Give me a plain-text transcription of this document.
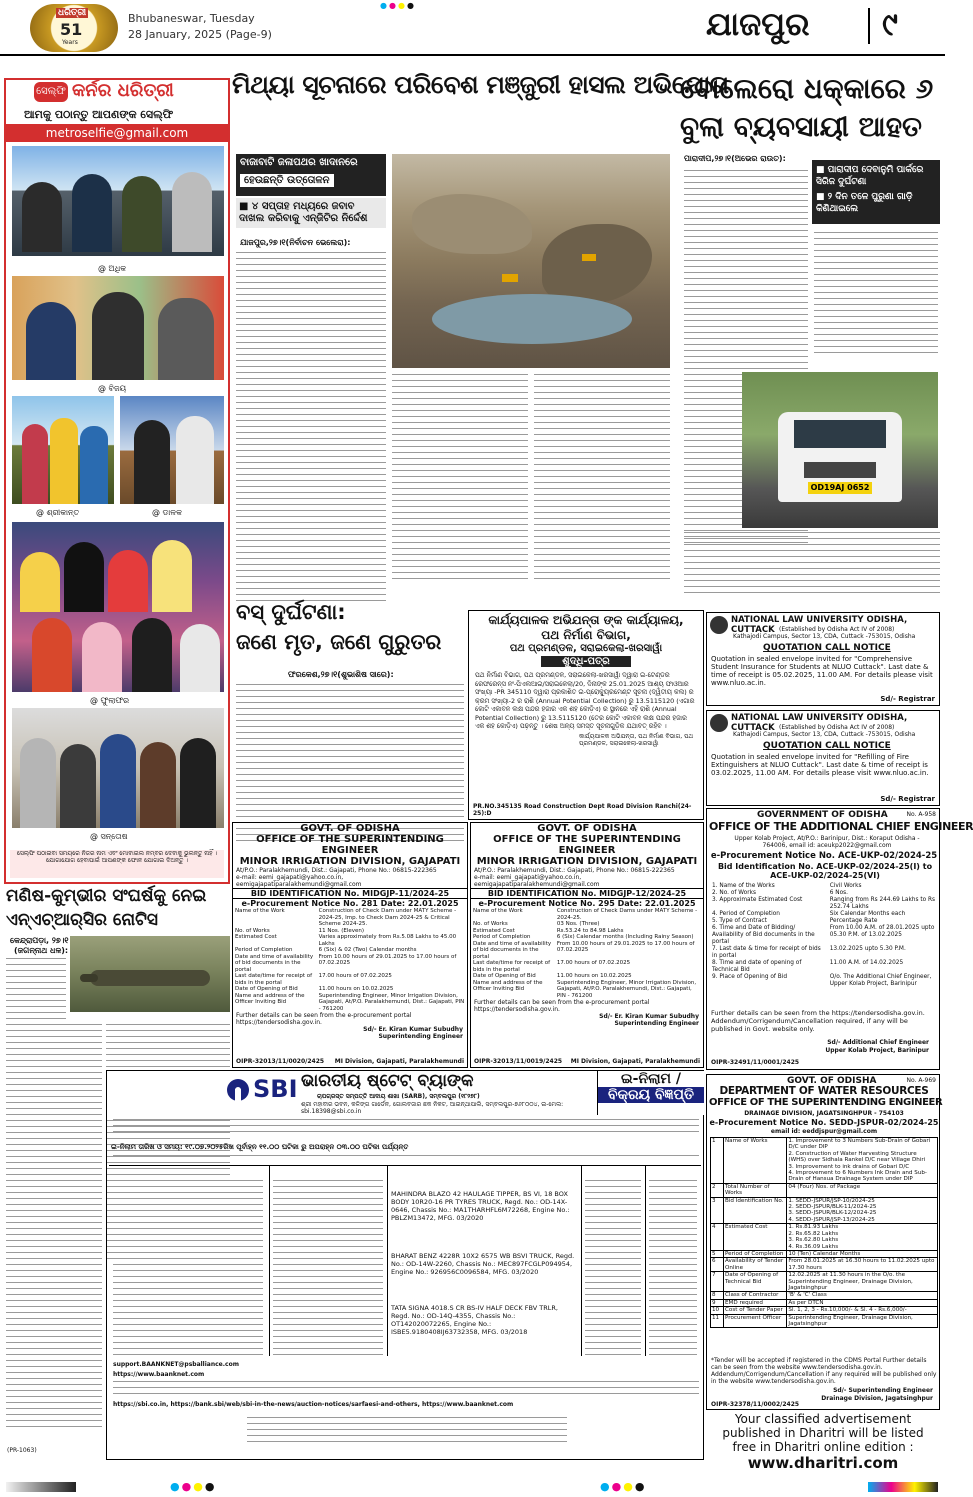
ଧରିତ୍ରୀ
51
Years
Bhubaneswar, Tuesday
28 January, 2025 (Page-9)	ଯାଜପୁର ୯
●●●●
ସେଲ୍ଫି କର୍ନର ଧରିତ୍ରୀ
ଆମକୁ ପଠାନ୍ତୁ ଆପଣଙ୍କ ସେଲ୍ଫି
metroselfie@gmail.com
@ ଅଧିକ
@ ବିଜୟ
@ ଶ୍ରୀକାନ୍ତ	@ ଡାଳକ
@ ଫୁଲାଫର
@ ସନ୍ତୋଷ
ସେଲ୍ଫି ପଠାଇବା ସମୟରେ ନିଜର ନାମ ଏବଂ ମୋବାଇଲ ନମ୍ବର ଦେବାକୁ ଭୁଲନ୍ତୁ ନାହିଁ । ଯୋଗାଯୋଗ ହେବାପାଇଁ ଆପଣଙ୍କ ଫୋନ ଯୋଗାଇ ଦିଅନ୍ତୁ ।
ମିଥ୍ୟା ସୂଚନାରେ ପରିବେଶ ମଞ୍ଜୁରୀ ହାସଲ ଅଭିଯୋଗ
ବାଜାବାଟି ଜଳାପଥର ଖାଦାନରେ
ହେଉଛନ୍ତି ଉତ୍ତୋଳନ
■ ୪ ସପ୍ତାହ ମଧ୍ୟରେ ଜବାବ ଦାଖଲ କରିବାକୁ ଏନ୍‌ଜିଟିର ନିର୍ଦ୍ଦେଶ
ଯାଜପୁର,୨୭।୧(ନିର୍ବାଚନ ଭେଲେରା):
ବୋଲେରୋ ଧକ୍କାରେ ୬
ବୁଲା ବ୍ୟବସାୟୀ ଆହତ
ପାରାଦୀପ,୨୭।୧(ଅଭେର ରାଉତ):
■ ପାରାଦୀପ ଦେବାନୁମି ପାର୍କରେ ସିରିଜ ଦୁର୍ଘଟଣା
■ ୨ ଦିନ ତଳେ ପୁରୁଣା ଗାଡ଼ି କିଣିଥାଇଲେ
OD19AJ 0652
ବସ୍ ଦୁର୍ଘଟଣା:
ଜଣେ ମୃତ, ଜଣେ ଗୁରୁତର
ଫରକେଶ,୨୭।୧(ଶୁଭାଶିଷ ସାରେ):
କାର୍ଯ୍ୟପାଳକ ଅଭିଯନ୍ତା ଙ୍କ କାର୍ଯ୍ୟାଳୟ,
ପଥ ନିର୍ମାଣ ବିଭାଗ,
ପଥ ପ୍ରମଣ୍ଡଳ, ସରାଇକେଲା-ଖରସାୱାଁ
ଶୁଦ୍ଧି-ପତ୍ର
ପଥ ନିର୍ମାଣ ବିଭାଗ, ପଥ ପ୍ରମଣ୍ଡଳ, ସରାଇକେଲା-ଖରସାୱାଁ ଦ୍ୱାରା ଇ-ଟେଣ୍ଡର ରେଫରେନ୍ସ ନଂ-ପିଏଲଆଇ/ସରାଇକେଲା/20, ଦିନାଙ୍କ 25.01.2025 ଆଶ୍ୟ ଫାଓଆର ସଂଖ୍ୟା -PR 345110 ଦ୍ୱାରା ପ୍ରକାଶିତ ଇ-ପ୍ରୋକ୍ୟୁରମେଣ୍ଟ ସୂଚନା (ଦ୍ୱିତୀୟ କଲ) ର କ୍ରମ ସଂଖ୍ୟା-2 ର ରାଶି (Annual Potential Collection) ରୁ 13.5115120 (ଏଗାର କୋଟି ଏକାବନ ଲକ୍ଷ ପନ୍ଦର ହଜାର ଏକ ଶହ କୋଡ଼ିଏ) ର ସ୍ଥାନରେ ଏହି ରାଶି (Annual Potential Collection) ରୁ 13.5115120 (ତେର କୋଟି ଏକାବନ ଲକ୍ଷ ପନ୍ଦର ହଜାର ଏକ ଶହ କୋଡ଼ିଏ) ପଢ଼ନ୍ତୁ । ଶେଷ ଅନ୍ୟ ସମସ୍ତ ସୂଚନାଗୁଡ଼ିକ ଯଥାବତ୍ ରହିବ ।
କାର୍ଯ୍ୟପାଳକ ଅଭିଯନ୍ତା, ପଥ ନିର୍ମାଣ ବିଭାଗ, ପଥ ପ୍ରମଣ୍ଡଳ, ସରାଇକେଲା-ଖରସାୱାଁ
PR.NO.345135 Road Construction Dept Road Division Ranchi(24-25):D
NATIONAL LAW UNIVERSITY ODISHA, CUTTACK (Established by Odisha Act IV of 2008)
Kathajodi Campus, Sector 13, CDA, Cuttack -753015, Odisha
QUOTATION CALL NOTICE
Quotation in sealed envelope invited for "Comprehensive Student Insurance for Students at NLUO Cuttack". Last date & time of receipt is 05.02.2025, 11.00 AM. For details please visit www.nluo.ac.in.
Sd/- Registrar
NATIONAL LAW UNIVERSITY ODISHA, CUTTACK (Established by Odisha Act IV of 2008)
Kathajodi Campus, Sector 13, CDA, Cuttack -753015, Odisha
QUOTATION CALL NOTICE
Quotation in sealed envelope invited for "Refilling of Fire Extinguishers at NLUO Cuttack". Last date & time of receipt is 03.02.2025, 11.00 AM. For details please visit www.nluo.ac.in.
Sd/- Registrar
GOVT. OF ODISHA
OFFICE OF THE SUPERINTENDING ENGINEER
MINOR IRRIGATION DIVISION, GAJAPATI
At/P.O.: Paralakhemundi, Dist.: Gajapati, Phone No.: 06815-222365
e-mail: eemi_gajapati@yahoo.co.in, eemigajapatiparalakhemundi@gmail.com
BID IDENTIFICATION No. MIDGJP-11/2024-25
e-Procurement Notice No. 281 Date: 22.01.2025
Name of the Work	Construction of Check Dam under MATY Scheme - 2024-25, Imp. to Check Dam 2024-25 & Critical Scheme 2024-25.
No. of Works	11 Nos. (Eleven)
Estimated Cost	Varies approximately from Rs.5.08 Lakhs to 45.00 Lakhs
Period of Completion	6 (Six) & 02 (Two) Calendar months
Date and time of availability of bid documents in the portal	From 10.00 hours of 29.01.2025 to 17.00 hours of 07.02.2025
Last date/time for receipt of bids in the portal	17.00 hours of 07.02.2025
Date of Opening of Bid	11.00 hours on 10.02.2025
Name and address of the Officer Inviting Bid	Superintending Engineer, Minor Irrigation Division, Gajapati, At/P.O. Paralakhemundi, Dist.: Gajapati, PIN - 761200
Further details can be seen from the e-procurement portal https://tendersodisha.gov.in.
Sd/- Er. Kiran Kumar Subudhy
Superintending Engineer
OIPR-32013/11/0020/2425 MI Division, Gajapati, Paralakhemundi
GOVT. OF ODISHA
OFFICE OF THE SUPERINTENDING ENGINEER
MINOR IRRIGATION DIVISION, GAJAPATI
At/P.O.: Paralakhemundi, Dist.: Gajapati, Phone No.: 06815-222365
e-mail: eemi_gajapati@yahoo.co.in, eemigajapatiparalakhemundi@gmail.com
BID IDENTIFICATION No. MIDGJP-12/2024-25
e-Procurement Notice No. 295 Date: 22.01.2025
Name of the Work	Construction of Check Dams under MATY Scheme - 2024-25.
No. of Works	03 Nos. (Three)
Estimated Cost	Rs.53.24 to 84.98 Lakhs
Period of Completion	6 (Six) Calendar months (Including Rainy Season)
Date and time of availability of bid documents in the portal	From 10.00 hours of 29.01.2025 to 17.00 hours of 07.02.2025
Last date/time for receipt of bids in the portal	17.00 hours of 07.02.2025
Date of Opening of Bid	11.00 hours on 10.02.2025
Name and address of the Officer Inviting Bid	Superintending Engineer, Minor Irrigation Division, Gajapati, At/P.O. Paralakhemundi, Dist.: Gajapati, PIN - 761200
Further details can be seen from the e-procurement portal https://tendersodisha.gov.in.
Sd/- Er. Kiran Kumar Subudhy
Superintending Engineer
OIPR-32013/11/0019/2425 MI Division, Gajapati, Paralakhemundi
GOVERNMENT OF ODISHA	No. A-958
OFFICE OF THE ADDITIONAL CHIEF ENGINEER
Upper Kolab Project, At/P.O.: Barinipur, Dist.: Koraput Odisha - 764006, email id: aceukp2022@gmail.com
e-Procurement Notice No. ACE-UKP-02/2024-25
Bid Identification No. ACE-UKP-02/2024-25(I) to ACE-UKP-02/2024-25(VI)
1. Name of the Works	Civil Works
2. No. of Works	6 Nos.
3. Approximate Estimated Cost	Ranging from Rs 244.69 Lakhs to Rs 252.74 Lakhs
4. Period of Completion	Six Calendar Months each
5. Type of Contract	Percentage Rate
6. Time and Date of Bidding/ Availability of Bid documents in the portal	From 10.00 A.M. of 28.01.2025 upto 05.30 P.M. of 13.02.2025
7. Last date & time for receipt of bids in portal	13.02.2025 upto 5.30 P.M.
8. Time and date of opening of Technical Bid	11.00 A.M. of 14.02.2025
9. Place of Opening of Bid	O/o. The Additional Chief Engineer, Upper Kolab Project, Barinipur
Further details can be seen from the https://tendersodisha.gov.in. Addendum/Corrigendum/Cancellation required, if any will be published in Govt. website only.
Sd/- Additional Chief Engineer
Upper Kolab Project, Barinipur
OIPR-32491/11/0001/2425
ମଣିଷ-କୁମ୍ଭୀର ସଂଘର୍ଷକୁ ନେଇ
ଏନ୍‌ଏଚ୍‌ଆର୍‌ସିର ନୋଟିସ
କେନ୍ଦ୍ରାପଡ଼ା, ୨୭।୧
(ଜଗନ୍ନାଥ ଧଳ):
SBI ଭାରତୀୟ ଷ୍ଟେଟ୍ ବ୍ୟାଙ୍କ
ଚାପଗ୍ରସ୍ତ ସମ୍ପତ୍ତି ଆଦାୟ ଶାଖା (SARB), ସମ୍ବଲପୁର (୧୮୨୭୮)
ଶ୍ରୀ ମହାବୀର ଭବନ, କଳିଙ୍ଗ ଗାର୍ଡେନ, ଗୋଲବଜାର ଛକ ନିକଟ, ଆଇନ୍‌ଥାପାଲି, ସମ୍ବଲପୁର-୭୬୮୦୦୪, ଇ-ମେଲ: sbi.18398@sbi.co.in
ଇ-ନିଲାମ /
ବିକ୍ରୟ ବିଜ୍ଞପ୍ତି
ଇ-ନିଲାମ ତାରିଖ ଓ ସମୟ: ୧୯.୦୭.୨୦୨୫ରିଖ ପୂର୍ବାହ୍ନ ୧୧.୦୦ ଘଟିକା ରୁ ଅପରାହ୍ନ ୦୩.୦୦ ଘଟିକା ପର୍ଯ୍ୟନ୍ତ
MAHINDRA BLAZO 42 HAULAGE TIPPER, BS VI, 18 BOX BODY 10R20-16 PR TYRES TRUCK, Regd. No.: OD-14X-0646, Chassis No.: MA1THARHFL6M72268, Engine No.: PBLZM13472, MFG. 03/2020
BHARAT BENZ 4228R 10X2 6575 WB BSVI TRUCK, Regd. No.: OD-14W-2260, Chassis No.: MEC897FCGLP094954, Engine No.: 926956C0096584, MFG. 03/2020
TATA SIGNA 4018.S CR BS-IV HALF DECK FBV TRLR, Regd. No.: OD-14Q-4355, Chassis No.: OT142020072265, Engine No.: ISBE5.9180408IJ63732358, MFG. 03/2018
support.BAANKNET@psballiance.com
https://www.baanknet.com
https://sbi.co.in, https://bank.sbi/web/sbi-in-the-news/auction-notices/sarfaesi-and-others, https://www.baanknet.com
(PR-1063)
GOVT. OF ODISHA	No. A-969
DEPARTMENT OF WATER RESOURCES
OFFICE OF THE SUPERINTENDING ENGINEER
DRAINAGE DIVISION, JAGATSINGHPUR - 754103
e-Procurement Notice No. SEDD-JSPUR-02/2024-25
email id: eeddjspur@gmail.com
1	Name of Works	1. Improvement to 3 Numbers Sub-Drain of Gobari D/C under DIP
2. Construction of Water Harvesting Structure (WHS) over Sidhala Rankel D/C near Village Dhiri
3. Improvement to ink drains of Gobari D/C
4. Improvement to 6 Numbers Ink Drain and Sub-Drain of Hansua Drainage System under DIP
2	Total Number of Works	04 (Four) Nos. of Package
3	Bid Identification No.	1. SEDD-JSPUR/JSP-10/2024-25
2. SEDD-JSPUR/BLK-11/2024-25
3. SEDD-JSPUR/BLK-12/2024-25
4. SEDD-JSPUR/JSP-13/2024-25
4	Estimated Cost	1. Rs.81.93 Lakhs
2. Rs.65.82 Lakhs
3. Rs.62.80 Lakhs
4. Rs.36.09 Lakhs
5	Period of Completion	10 (Ten) Calendar Months
6	Availability of Tender Online	From 28.01.2025 at 16.30 hours to 11.02.2025 upto 17.30 hours
7	Date of Opening of Technical Bid	12.02.2025 at 11.30 hours in the O/o. the Superintending Engineer, Drainage Division, Jagatsinghpur
8	Class of Contractor	'B' & 'C' Class
9	EMD required	As per DTCN
10	Cost of Tender Paper	Sl. 1, 2, 3 - Rs.10,000/- & Sl. 4 - Rs.6,000/-
11	Procurement Officer	Superintending Engineer, Drainage Division, Jagatsinghpur
*Tender will be accepted if registered in the CDMS Portal Further details can be seen from the website www.tendersodisha.gov.in. Addendum/Corrigendum/Cancellation if any required will be published only in the website www.tendersodisha.gov.in.
Sd/- Superintending Engineer
Drainage Division, Jagatsinghpur
OIPR-32378/11/0002/2425
Your classified advertisement
published in Dharitri will be listed
free in Dharitri online edition :
www.dharitri.com
●●●●	●●●●
